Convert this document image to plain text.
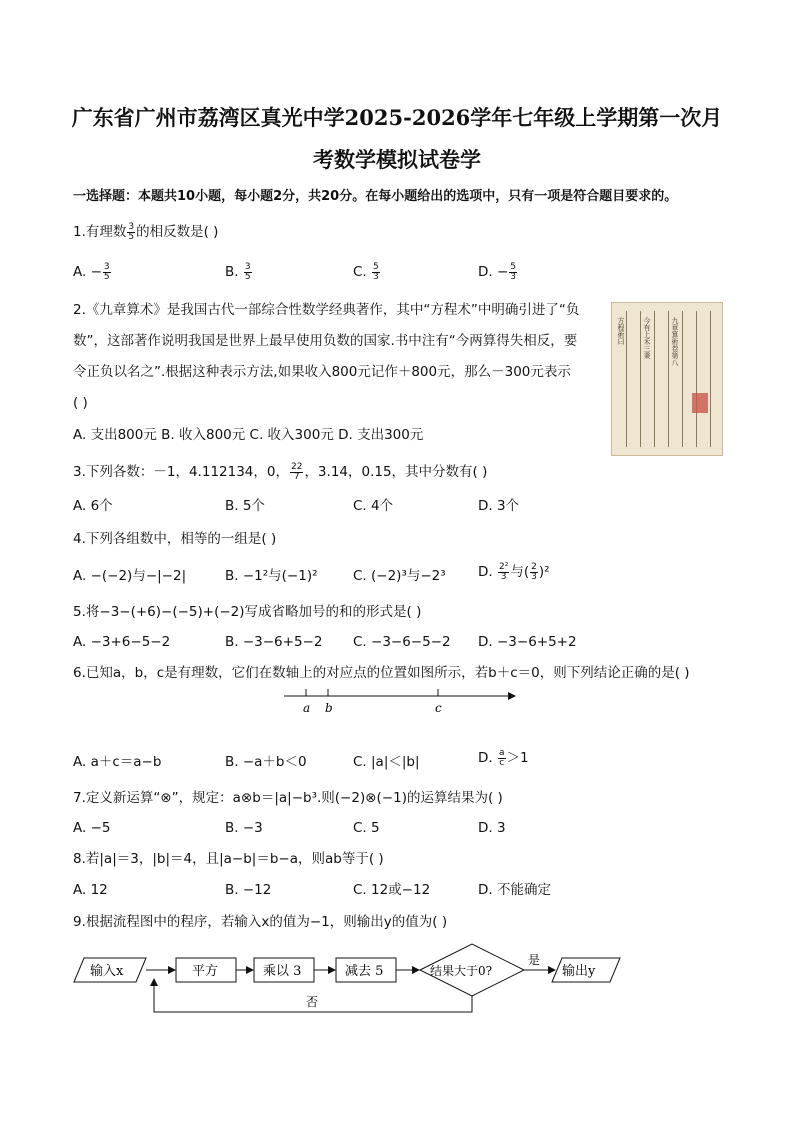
广东省广州市荔湾区真光中学2025-2026学年七年级上学期第一次月
考数学模拟试卷学
一选择题：本题共10小题，每小题2分，共20分。在每小题给出的选项中，只有一项是符合题目要求的。
1.有理数 $\frac{3}{5}$ 的相反数是( )
A. − $\frac{3}{5}$	B. $\frac{3}{5}$	C. $\frac{5}{3}$	D. − $\frac{5}{3}$
2.《九章算术》是我国古代一部综合性数学经典著作，其中“方程术”中明确引进了“负
数”，这部著作说明我国是世界上最早使用负数的国家.书中注有“今两算得失相反，要
令正负以名之”.根据这种表示方法,如果收入800元记作＋800元，那么－300元表示
( )
A. 支出800元 B. 收入800元 C. 收入300元 D. 支出300元
方程術曰	今有上禾三秉	九章算術卷第八
3.下列各数：－1，4.112134，0， $\frac{22}{7}$ ，3.14，0.15，其中分数有( )
A. 6个	B. 5个	C. 4个	D. 3个
4.下列各组数中，相等的一组是( )
A. −(−2)与−|−2|	B. −1²与(−1)²	C. (−2)³与−2³ D. $\frac{\text{2²}}{3}$ 与( $\frac{2}{3} )^2$
5.将−3−(+6)−(−5)+(−2)写成省略加号的和的形式是( )
A. −3+6−5−2	B. −3−6+5−2 C. −3−6−5−2 D. −3−6+5+2
6.已知a，b，c是有理数，它们在数轴上的对应点的位置如图所示，若b＋c＝0，则下列结论正确的是( )
a b	c
A. a＋c＝a−b	B. −a＋b＜0	C. |a|＜|b|	D. $\frac{a}{c} >1$
7.定义新运算“⊗”，规定：a⊗b＝|a|−b³.则(−2)⊗(−1)的运算结果为( )
A. −5	B. −3	C. 5	D. 3
8.若|a|＝3，|b|＝4，且|a−b|＝b−a，则ab等于( )
A. 12	B. −12	C. 12或−12	D. 不能确定
9.根据流程图中的程序，若输入x的值为−1，则输出y的值为( )
输入x	平方	乘以 3	减去 5	结果大于0?
是
输出y
否
